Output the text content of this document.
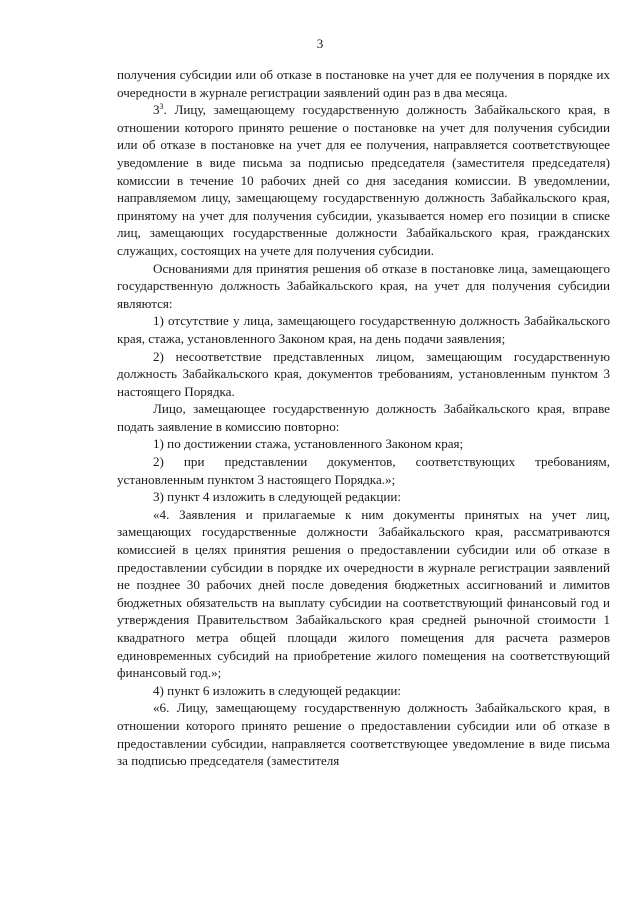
3

получения субсидии или об отказе в постановке на учет для ее получения в порядке их очередности в журнале регистрации заявлений один раз в два месяца.

$3^3$. Лицу, замещающему государственную должность Забайкальского края, в отношении которого принято решение о постановке на учет для получения субсидии или об отказе в постановке на учет для ее получения, направляется соответствующее уведомление в виде письма за подписью председателя (заместителя председателя) комиссии в течение 10 рабочих дней со дня заседания комиссии. В уведомлении, направляемом лицу, замещающему государственную должность Забайкальского края, принятому на учет для получения субсидии, указывается номер его позиции в списке лиц, замещающих государственные должности Забайкальского края, гражданских служащих, состоящих на учете для получения субсидии.

Основаниями для принятия решения об отказе в постановке лица, замещающего государственную должность Забайкальского края, на учет для получения субсидии являются:

1) отсутствие у лица, замещающего государственную должность Забайкальского края, стажа, установленного Законом края, на день подачи заявления;

2) несоответствие представленных лицом, замещающим государственную должность Забайкальского края, документов требованиям, установленным пунктом 3 настоящего Порядка.

Лицо, замещающее государственную должность Забайкальского края, вправе подать заявление в комиссию повторно:

1) по достижении стажа, установленного Законом края;

2) при представлении документов, соответствующих требованиям, установленным пунктом 3 настоящего Порядка.»;

3) пункт 4 изложить в следующей редакции:

«4. Заявления и прилагаемые к ним документы принятых на учет лиц, замещающих государственные должности Забайкальского края, рассматриваются комиссией в целях принятия решения о предоставлении субсидии или об отказе в предоставлении субсидии в порядке их очередности в журнале регистрации заявлений не позднее 30 рабочих дней после доведения бюджетных ассигнований и лимитов бюджетных обязательств на выплату субсидии на соответствующий финансовый год и утверждения Правительством Забайкальского края средней рыночной стоимости 1 квадратного метра общей площади жилого помещения для расчета размеров единовременных субсидий на приобретение жилого помещения на соответствующий финансовый год.»;

4) пункт 6 изложить в следующей редакции:

«6. Лицу, замещающему государственную должность Забайкальского края, в отношении которого принято решение о предоставлении субсидии или об отказе в предоставлении субсидии, направляется соответствующее уведомление в виде письма за подписью председателя (заместителя
